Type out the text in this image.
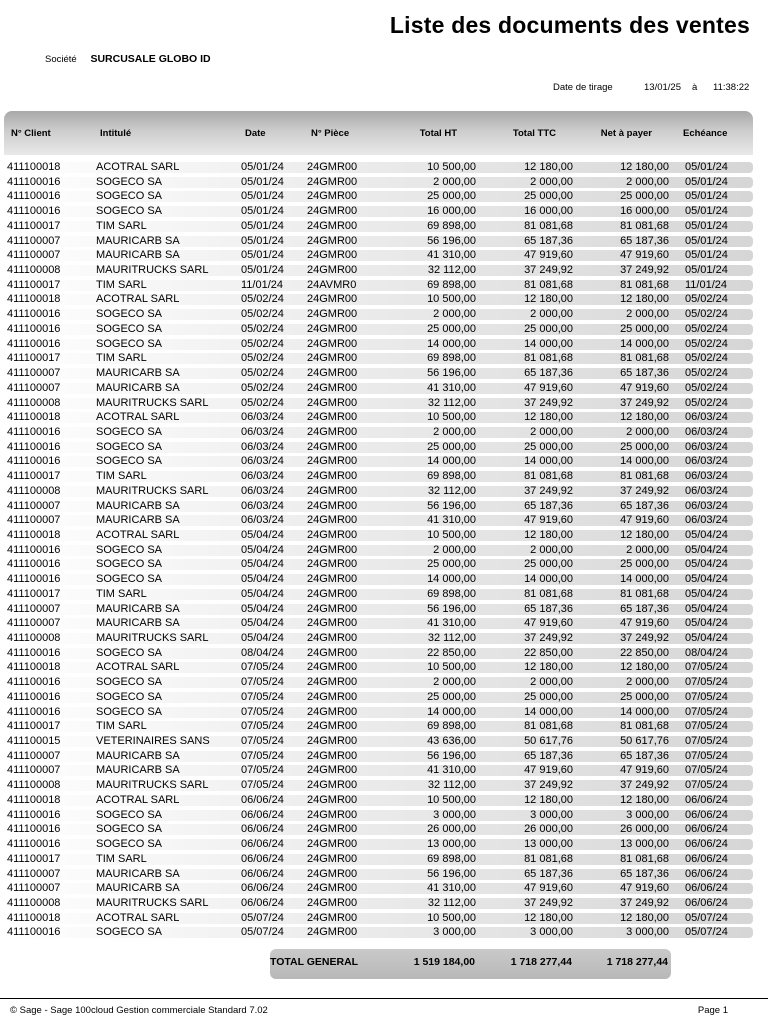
Liste des documents des ventes
Société SURCUSALE GLOBO ID
Date de tirage	13/01/25 à 11:38:22
N° Client	Intitulé	Date	N° Pièce	Total HT	Total TTC	Net à payer	Echéance
411100018	ACOTRAL SARL	05/01/24 24GMR00	10 500,00	12 180,00	12 180,00 05/01/24
411100016	SOGECO SA	05/01/24 24GMR00	2 000,00	2 000,00	2 000,00 05/01/24
411100016	SOGECO SA	05/01/24 24GMR00	25 000,00	25 000,00	25 000,00 05/01/24
411100016	SOGECO SA	05/01/24 24GMR00	16 000,00	16 000,00	16 000,00 05/01/24
411100017	TIM SARL	05/01/24 24GMR00	69 898,00	81 081,68	81 081,68 05/01/24
411100007	MAURICARB SA	05/01/24 24GMR00	56 196,00	65 187,36	65 187,36 05/01/24
411100007	MAURICARB SA	05/01/24 24GMR00	41 310,00	47 919,60	47 919,60 05/01/24
411100008	MAURITRUCKS SARL	05/01/24 24GMR00	32 112,00	37 249,92	37 249,92 05/01/24
411100017	TIM SARL	11/01/24 24AVMR0	69 898,00	81 081,68	81 081,68 11/01/24
411100018	ACOTRAL SARL	05/02/24 24GMR00	10 500,00	12 180,00	12 180,00 05/02/24
411100016	SOGECO SA	05/02/24 24GMR00	2 000,00	2 000,00	2 000,00 05/02/24
411100016	SOGECO SA	05/02/24 24GMR00	25 000,00	25 000,00	25 000,00 05/02/24
411100016	SOGECO SA	05/02/24 24GMR00	14 000,00	14 000,00	14 000,00 05/02/24
411100017	TIM SARL	05/02/24 24GMR00	69 898,00	81 081,68	81 081,68 05/02/24
411100007	MAURICARB SA	05/02/24 24GMR00	56 196,00	65 187,36	65 187,36 05/02/24
411100007	MAURICARB SA	05/02/24 24GMR00	41 310,00	47 919,60	47 919,60 05/02/24
411100008	MAURITRUCKS SARL	05/02/24 24GMR00	32 112,00	37 249,92	37 249,92 05/02/24
411100018	ACOTRAL SARL	06/03/24 24GMR00	10 500,00	12 180,00	12 180,00 06/03/24
411100016	SOGECO SA	06/03/24 24GMR00	2 000,00	2 000,00	2 000,00 06/03/24
411100016	SOGECO SA	06/03/24 24GMR00	25 000,00	25 000,00	25 000,00 06/03/24
411100016	SOGECO SA	06/03/24 24GMR00	14 000,00	14 000,00	14 000,00 06/03/24
411100017	TIM SARL	06/03/24 24GMR00	69 898,00	81 081,68	81 081,68 06/03/24
411100008	MAURITRUCKS SARL	06/03/24 24GMR00	32 112,00	37 249,92	37 249,92 06/03/24
411100007	MAURICARB SA	06/03/24 24GMR00	56 196,00	65 187,36	65 187,36 06/03/24
411100007	MAURICARB SA	06/03/24 24GMR00	41 310,00	47 919,60	47 919,60 06/03/24
411100018	ACOTRAL SARL	05/04/24 24GMR00	10 500,00	12 180,00	12 180,00 05/04/24
411100016	SOGECO SA	05/04/24 24GMR00	2 000,00	2 000,00	2 000,00 05/04/24
411100016	SOGECO SA	05/04/24 24GMR00	25 000,00	25 000,00	25 000,00 05/04/24
411100016	SOGECO SA	05/04/24 24GMR00	14 000,00	14 000,00	14 000,00 05/04/24
411100017	TIM SARL	05/04/24 24GMR00	69 898,00	81 081,68	81 081,68 05/04/24
411100007	MAURICARB SA	05/04/24 24GMR00	56 196,00	65 187,36	65 187,36 05/04/24
411100007	MAURICARB SA	05/04/24 24GMR00	41 310,00	47 919,60	47 919,60 05/04/24
411100008	MAURITRUCKS SARL	05/04/24 24GMR00	32 112,00	37 249,92	37 249,92 05/04/24
411100016	SOGECO SA	08/04/24 24GMR00	22 850,00	22 850,00	22 850,00 08/04/24
411100018	ACOTRAL SARL	07/05/24 24GMR00	10 500,00	12 180,00	12 180,00 07/05/24
411100016	SOGECO SA	07/05/24 24GMR00	2 000,00	2 000,00	2 000,00 07/05/24
411100016	SOGECO SA	07/05/24 24GMR00	25 000,00	25 000,00	25 000,00 07/05/24
411100016	SOGECO SA	07/05/24 24GMR00	14 000,00	14 000,00	14 000,00 07/05/24
411100017	TIM SARL	07/05/24 24GMR00	69 898,00	81 081,68	81 081,68 07/05/24
411100015	VETERINAIRES SANS	07/05/24 24GMR00	43 636,00	50 617,76	50 617,76 07/05/24
411100007	MAURICARB SA	07/05/24 24GMR00	56 196,00	65 187,36	65 187,36 07/05/24
411100007	MAURICARB SA	07/05/24 24GMR00	41 310,00	47 919,60	47 919,60 07/05/24
411100008	MAURITRUCKS SARL	07/05/24 24GMR00	32 112,00	37 249,92	37 249,92 07/05/24
411100018	ACOTRAL SARL	06/06/24 24GMR00	10 500,00	12 180,00	12 180,00 06/06/24
411100016	SOGECO SA	06/06/24 24GMR00	3 000,00	3 000,00	3 000,00 06/06/24
411100016	SOGECO SA	06/06/24 24GMR00	26 000,00	26 000,00	26 000,00 06/06/24
411100016	SOGECO SA	06/06/24 24GMR00	13 000,00	13 000,00	13 000,00 06/06/24
411100017	TIM SARL	06/06/24 24GMR00	69 898,00	81 081,68	81 081,68 06/06/24
411100007	MAURICARB SA	06/06/24 24GMR00	56 196,00	65 187,36	65 187,36 06/06/24
411100007	MAURICARB SA	06/06/24 24GMR00	41 310,00	47 919,60	47 919,60 06/06/24
411100008	MAURITRUCKS SARL	06/06/24 24GMR00	32 112,00	37 249,92	37 249,92 06/06/24
411100018	ACOTRAL SARL	05/07/24 24GMR00	10 500,00	12 180,00	12 180,00 05/07/24
411100016	SOGECO SA	05/07/24 24GMR00	3 000,00	3 000,00	3 000,00 05/07/24
TOTAL GENERAL	1 519 184,00	1 718 277,44	1 718 277,44
© Sage - Sage 100cloud Gestion commerciale Standard 7.02	Page 1
